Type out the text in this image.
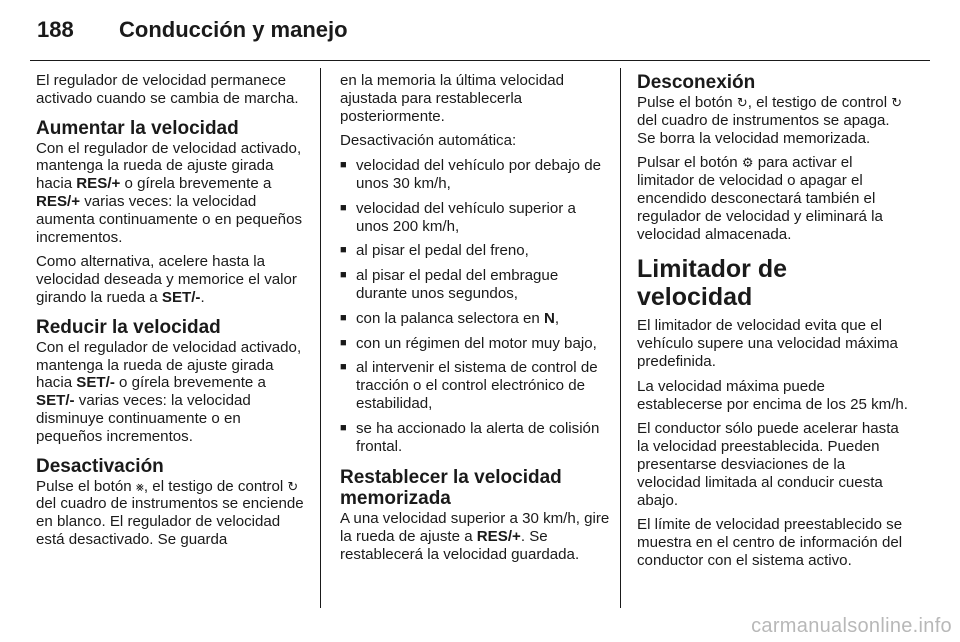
188	Conducción y manejo

El regulador de velocidad permanece activado cuando se cambia de marcha.

Aumentar la velocidad

Con el regulador de velocidad activado, mantenga la rueda de ajuste girada hacia RES/+ o gírela brevemente a RES/+ varias veces: la velocidad aumenta continuamente o en pequeños incrementos.

Como alternativa, acelere hasta la velocidad deseada y memorice el valor girando la rueda a SET/-.

Reducir la velocidad

Con el regulador de velocidad activado, mantenga la rueda de ajuste girada hacia SET/- o gírela brevemente a SET/- varias veces: la velocidad disminuye continuamente o en pequeños incrementos.

Desactivación

Pulse el botón ⨳, el testigo de control ↻ del cuadro de instrumentos se enciende en blanco. El regulador de velocidad está desactivado. Se guarda

en la memoria la última velocidad ajustada para restablecerla posteriormente.

Desactivación automática:

■ velocidad del vehículo por debajo de unos 30 km/h,
■ velocidad del vehículo superior a unos 200 km/h,
■ al pisar el pedal del freno,
■ al pisar el pedal del embrague durante unos segundos,
■ con la palanca selectora en N,
■ con un régimen del motor muy bajo,
■ al intervenir el sistema de control de tracción o el control electrónico de estabilidad,
■ se ha accionado la alerta de colisión frontal.
Restablecer la velocidad memorizada

A una velocidad superior a 30 km/h, gire la rueda de ajuste a RES/+. Se restablecerá la velocidad guardada.

Desconexión

Pulse el botón ↻, el testigo de control ↻ del cuadro de instrumentos se apaga. Se borra la velocidad memorizada.

Pulsar el botón ⚙ para activar el limitador de velocidad o apagar el encendido desconectará también el regulador de velocidad y eliminará la velocidad almacenada.

Limitador de velocidad

El limitador de velocidad evita que el vehículo supere una velocidad máxima predefinida.

La velocidad máxima puede establecerse por encima de los 25 km/h.

El conductor sólo puede acelerar hasta la velocidad preestablecida. Pueden presentarse desviaciones de la velocidad limitada al conducir cuesta abajo.

El límite de velocidad preestablecido se muestra en el centro de información del conductor con el sistema activo.

carmanualsonline.info
